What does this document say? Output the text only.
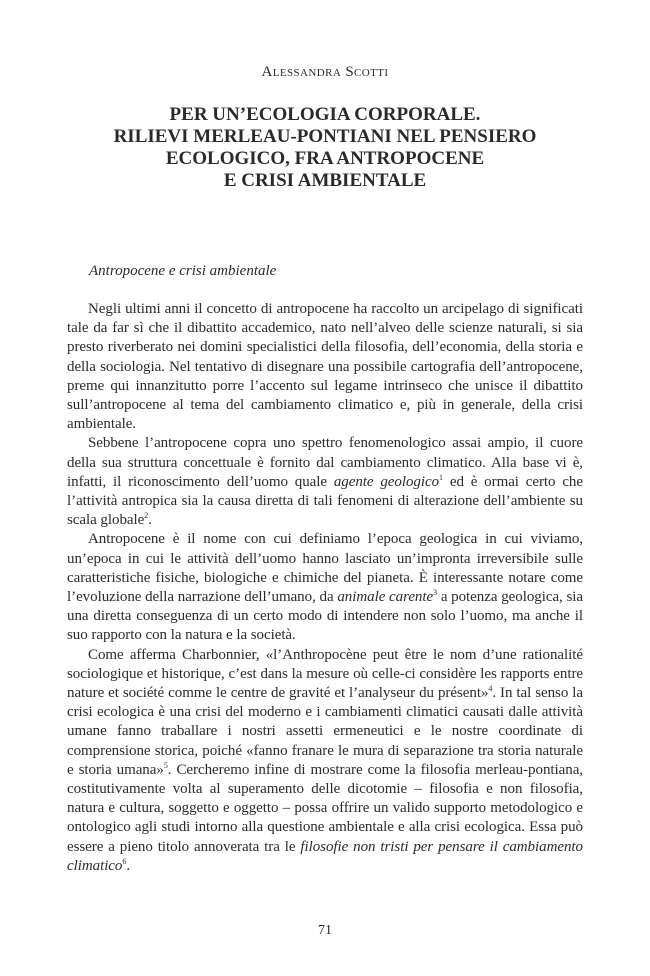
Alessandra Scotti
PER UN’ECOLOGIA CORPORALE.
RILIEVI MERLEAU-PONTIANI NEL PENSIERO
ECOLOGICO, FRA ANTROPOCENE
E CRISI AMBIENTALE
Antropocene e crisi ambientale

Negli ultimi anni il concetto di antropocene ha raccolto un arcipelago di significati tale da far sì che il dibattito accademico, nato nell’alveo delle scienze naturali, si sia presto riverberato nei domini specialistici della filosofia, dell’economia, della storia e della sociologia. Nel tentativo di disegnare una possibile cartografia dell’antropocene, preme qui innanzitutto porre l’accento sul legame intrinseco che unisce il dibattito sull’antropocene al tema del cambiamento climatico e, più in generale, della crisi ambientale.

Sebbene l’antropocene copra uno spettro fenomenologico assai ampio, il cuore della sua struttura concettuale è fornito dal cambiamento climatico. Alla base vi è, infatti, il riconoscimento dell’uomo quale agente geologico$^1$ ed è ormai certo che l’attività antropica sia la causa diretta di tali fenomeni di alterazione dell’ambiente su scala globale$^2$.

Antropocene è il nome con cui definiamo l’epoca geologica in cui viviamo, un’epoca in cui le attività dell’uomo hanno lasciato un’impronta irreversibile sulle caratteristiche fisiche, biologiche e chimiche del pianeta. È interessante notare come l’evoluzione della narrazione dell’umano, da animale carente$^3$ a potenza geologica, sia una diretta conseguenza di un certo modo di intendere non solo l’uomo, ma anche il suo rapporto con la natura e la società.

Come afferma Charbonnier, «l’Anthropocène peut être le nom d’une rationalité sociologique et historique, c’est dans la mesure où celle-ci considère les rapports entre nature et société comme le centre de gravité et l’analyseur du présent»$^4$. In tal senso la crisi ecologica è una crisi del moderno e i cambiamenti climatici causati dalle attività umane fanno traballare i nostri assetti ermeneutici e le nostre coordinate di comprensione storica, poiché «fanno franare le mura di separazione tra storia naturale e storia umana»$^5$. Cercheremo infine di mostrare come la filosofia merleau-pontiana, costitutivamente volta al superamento delle dicotomie – filosofia e non filosofia, natura e cultura, soggetto e oggetto – possa offrire un valido supporto metodologico e ontologico agli studi intorno alla questione ambientale e alla crisi ecologica. Essa può essere a pieno titolo annoverata tra le filosofie non tristi per pensare il cambiamento climatico$^6$.

71
